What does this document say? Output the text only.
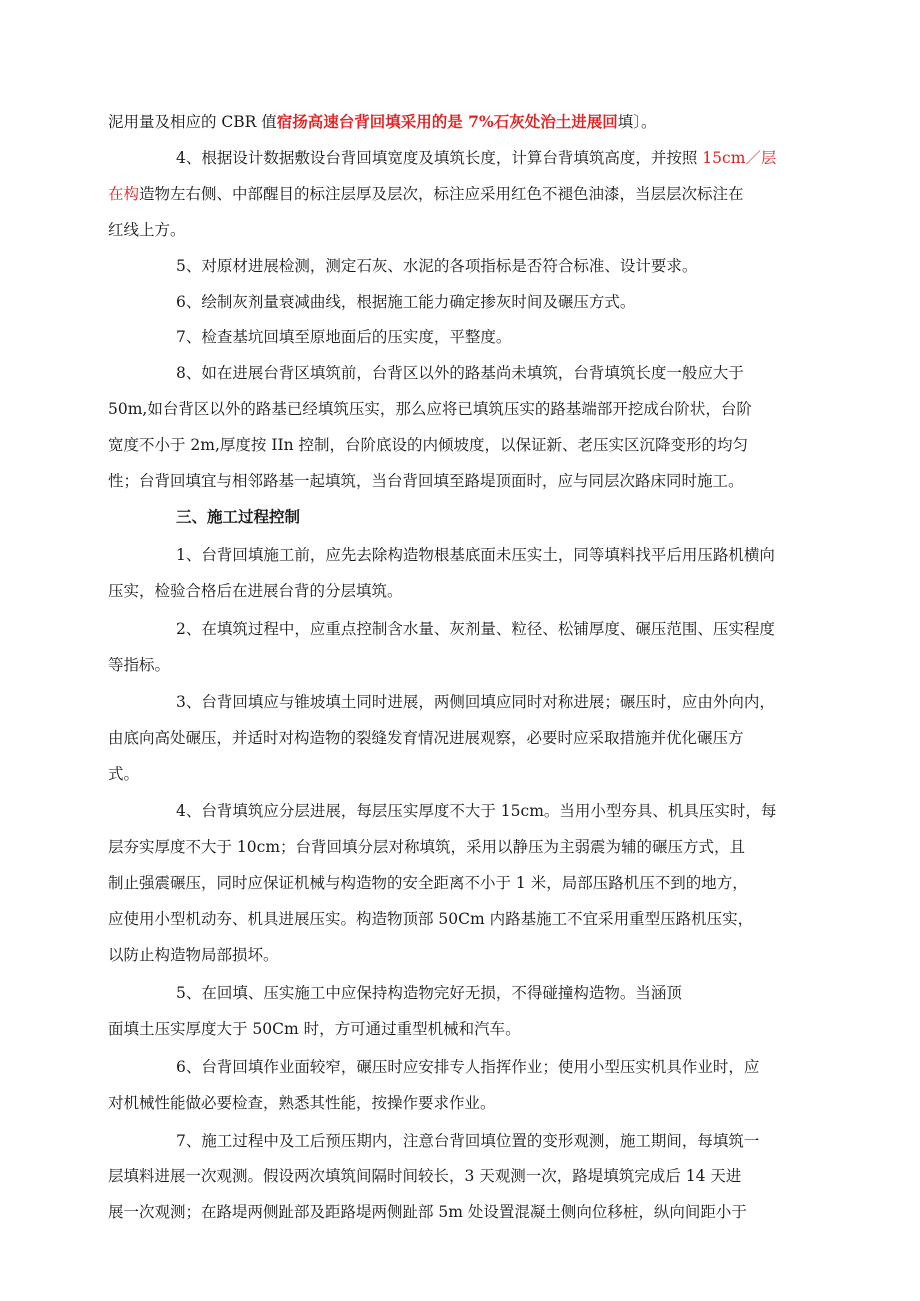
泥用量及相应的 CBR 值宿扬高速台背回填采用的是 7%石灰处治土进展回填〕。
4、根据设计数据敷设台背回填宽度及填筑长度，计算台背填筑高度，并按照 15cm／层
在构造物左右侧、中部醒目的标注层厚及层次，标注应采用红色不褪色油漆，当层层次标注在
红线上方。
5、对原材进展检测，测定石灰、水泥的各项指标是否符合标准、设计要求。
6、绘制灰剂量衰减曲线，根据施工能力确定掺灰时间及碾压方式。
7、检查基坑回填至原地面后的压实度，平整度。
8、如在进展台背区填筑前，台背区以外的路基尚未填筑，台背填筑长度一般应大于
50m,如台背区以外的路基已经填筑压实，那么应将已填筑压实的路基端部开挖成台阶状，台阶
宽度不小于 2m,厚度按 IIn 控制，台阶底设的内倾坡度，以保证新、老压实区沉降变形的均匀
性；台背回填宜与相邻路基一起填筑，当台背回填至路堤顶面时，应与同层次路床同时施工。
三、施工过程控制
1、台背回填施工前，应先去除构造物根基底面未压实土，同等填料找平后用压路机横向
压实，检验合格后在进展台背的分层填筑。
2、在填筑过程中，应重点控制含水量、灰剂量、粒径、松铺厚度、碾压范围、压实程度
等指标。
3、台背回填应与锥坡填土同时进展，两侧回填应同时对称进展；碾压时，应由外向内，
由底向高处碾压，并适时对构造物的裂缝发育情况进展观察，必要时应采取措施并优化碾压方
式。
4、台背填筑应分层进展，每层压实厚度不大于 15cm。当用小型夯具、机具压实时，每
层夯实厚度不大于 10cm；台背回填分层对称填筑，采用以静压为主弱震为辅的碾压方式，且
制止强震碾压，同时应保证机械与构造物的安全距离不小于 1 米，局部压路机压不到的地方，
应使用小型机动夯、机具进展压实。构造物顶部 50Cm 内路基施工不宜采用重型压路机压实，
以防止构造物局部损坏。
5、在回填、压实施工中应保持构造物完好无损，不得碰撞构造物。当涵顶
面填土压实厚度大于 50Cm 时，方可通过重型机械和汽车。
6、台背回填作业面较窄，碾压时应安排专人指挥作业；使用小型压实机具作业时，应
对机械性能做必要检查，熟悉其性能，按操作要求作业。
7、施工过程中及工后预压期内，注意台背回填位置的变形观测，施工期间，每填筑一
层填料进展一次观测。假设两次填筑间隔时间较长，3 天观测一次，路堤填筑完成后 14 天进
展一次观测；在路堤两侧趾部及距路堤两侧趾部 5m 处设置混凝土侧向位移桩，纵向间距小于
